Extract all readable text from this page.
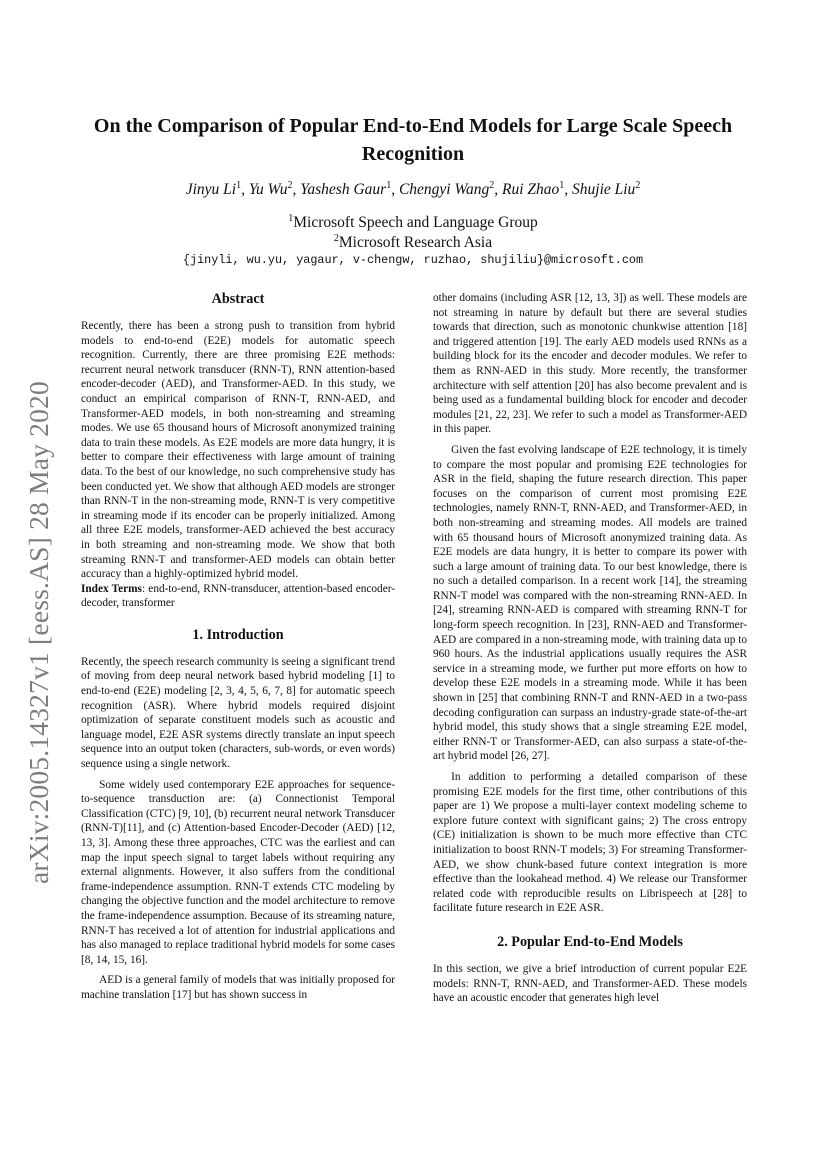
arXiv:2005.14327v1 [eess.AS] 28 May 2020
On the Comparison of Popular End-to-End Models for Large Scale Speech Recognition
Jinyu Li$^1$, Yu Wu$^2$, Yashesh Gaur$^1$, Chengyi Wang$^2$, Rui Zhao$^1$, Shujie Liu$^2$
$^1$Microsoft Speech and Language Group
$^2$Microsoft Research Asia
{jinyli, wu.yu, yagaur, v-chengw, ruzhao, shujiliu}@microsoft.com
Abstract

Recently, there has been a strong push to transition from hybrid models to end-to-end (E2E) models for automatic speech recognition. Currently, there are three promising E2E methods: recurrent neural network transducer (RNN-T), RNN attention-based encoder-decoder (AED), and Transformer-AED. In this study, we conduct an empirical comparison of RNN-T, RNN-AED, and Transformer-AED models, in both non-streaming and streaming modes. We use 65 thousand hours of Microsoft anonymized training data to train these models. As E2E models are more data hungry, it is better to compare their effectiveness with large amount of training data. To the best of our knowledge, no such comprehensive study has been conducted yet. We show that although AED models are stronger than RNN-T in the non-streaming mode, RNN-T is very competitive in streaming mode if its encoder can be properly initialized. Among all three E2E models, transformer-AED achieved the best accuracy in both streaming and non-streaming mode. We show that both streaming RNN-T and transformer-AED models can obtain better accuracy than a highly-optimized hybrid model.

Index Terms: end-to-end, RNN-transducer, attention-based encoder-decoder, transformer

1. Introduction

Recently, the speech research community is seeing a significant trend of moving from deep neural network based hybrid modeling [1] to end-to-end (E2E) modeling [2, 3, 4, 5, 6, 7, 8] for automatic speech recognition (ASR). Where hybrid models required disjoint optimization of separate constituent models such as acoustic and language model, E2E ASR systems directly translate an input speech sequence into an output token (characters, sub-words, or even words) sequence using a single network.

Some widely used contemporary E2E approaches for sequence-to-sequence transduction are: (a) Connectionist Temporal Classification (CTC) [9, 10], (b) recurrent neural network Transducer (RNN-T)[11], and (c) Attention-based Encoder-Decoder (AED) [12, 13, 3]. Among these three approaches, CTC was the earliest and can map the input speech signal to target labels without requiring any external alignments. However, it also suffers from the conditional frame-independence assumption. RNN-T extends CTC modeling by changing the objective function and the model architecture to remove the frame-independence assumption. Because of its streaming nature, RNN-T has received a lot of attention for industrial applications and has also managed to replace traditional hybrid models for some cases [8, 14, 15, 16].

AED is a general family of models that was initially proposed for machine translation [17] but has shown success in

other domains (including ASR [12, 13, 3]) as well. These models are not streaming in nature by default but there are several studies towards that direction, such as monotonic chunkwise attention [18] and triggered attention [19]. The early AED models used RNNs as a building block for its the encoder and decoder modules. We refer to them as RNN-AED in this study. More recently, the transformer architecture with self attention [20] has also become prevalent and is being used as a fundamental building block for encoder and decoder modules [21, 22, 23]. We refer to such a model as Transformer-AED in this paper.

Given the fast evolving landscape of E2E technology, it is timely to compare the most popular and promising E2E technologies for ASR in the field, shaping the future research direction. This paper focuses on the comparison of current most promising E2E technologies, namely RNN-T, RNN-AED, and Transformer-AED, in both non-streaming and streaming modes. All models are trained with 65 thousand hours of Microsoft anonymized training data. As E2E models are data hungry, it is better to compare its power with such a large amount of training data. To our best knowledge, there is no such a detailed comparison. In a recent work [14], the streaming RNN-T model was compared with the non-streaming RNN-AED. In [24], streaming RNN-AED is compared with streaming RNN-T for long-form speech recognition. In [23], RNN-AED and Transformer-AED are compared in a non-streaming mode, with training data up to 960 hours. As the industrial applications usually requires the ASR service in a streaming mode, we further put more efforts on how to develop these E2E models in a streaming mode. While it has been shown in [25] that combining RNN-T and RNN-AED in a two-pass decoding configuration can surpass an industry-grade state-of-the-art hybrid model, this study shows that a single streaming E2E model, either RNN-T or Transformer-AED, can also surpass a state-of-the-art hybrid model [26, 27].

In addition to performing a detailed comparison of these promising E2E models for the first time, other contributions of this paper are 1) We propose a multi-layer context modeling scheme to explore future context with significant gains; 2) The cross entropy (CE) initialization is shown to be much more effective than CTC initialization to boost RNN-T models; 3) For streaming Transformer-AED, we show chunk-based future context integration is more effective than the lookahead method. 4) We release our Transformer related code with reproducible results on Librispeech at [28] to facilitate future research in E2E ASR.

2. Popular End-to-End Models

In this section, we give a brief introduction of current popular E2E models: RNN-T, RNN-AED, and Transformer-AED. These models have an acoustic encoder that generates high level
